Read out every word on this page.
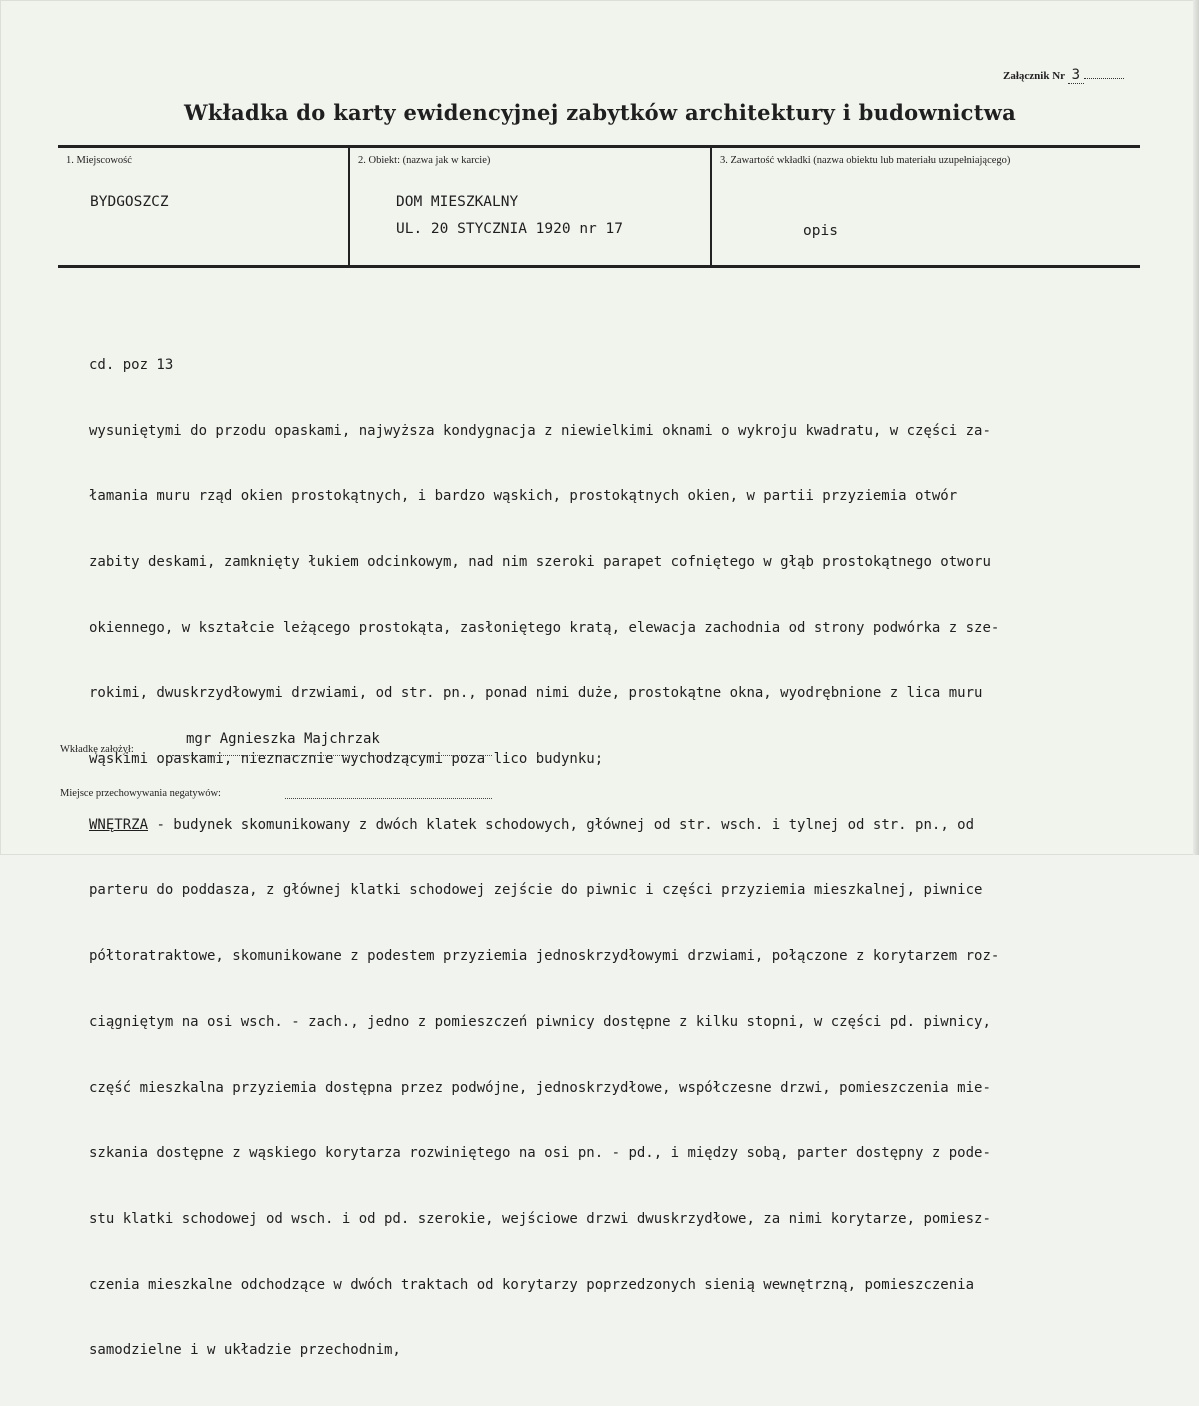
Załącznik Nr 3
Wkładka do karty ewidencyjnej zabytków architektury i budownictwa
1. Miejscowość
BYDGOSZCZ
2. Obiekt: (nazwa jak w karcie)
DOM MIESZKALNY
UL. 20 STYCZNIA 1920 nr 17
3. Zawartość wkładki (nazwa obiektu lub materiału uzupełniającego)
opis

cd. poz 13

wysuniętymi do przodu opaskami, najwyższa kondygnacja z niewielkimi oknami o wykroju kwadratu, w części za-

łamania muru rząd okien prostokątnych, i bardzo wąskich, prostokątnych okien, w partii przyziemia otwór

zabity deskami, zamknięty łukiem odcinkowym, nad nim szeroki parapet cofniętego w głąb prostokątnego otworu

okiennego, w kształcie leżącego prostokąta, zasłoniętego kratą, elewacja zachodnia od strony podwórka z sze-

rokimi, dwuskrzydłowymi drzwiami, od str. pn., ponad nimi duże, prostokątne okna, wyodrębnione z lica muru

wąskimi opaskami, nieznacznie wychodzącymi poza lico budynku;

WNĘTRZA - budynek skomunikowany z dwóch klatek schodowych, głównej od str. wsch. i tylnej od str. pn., od

parteru do poddasza, z głównej klatki schodowej zejście do piwnic i części przyziemia mieszkalnej, piwnice

półtoratraktowe, skomunikowane z podestem przyziemia jednoskrzydłowymi drzwiami, połączone z korytarzem roz-

ciągniętym na osi wsch. - zach., jedno z pomieszczeń piwnicy dostępne z kilku stopni, w części pd. piwnicy,

część mieszkalna przyziemia dostępna przez podwójne, jednoskrzydłowe, współczesne drzwi, pomieszczenia mie-

szkania dostępne z wąskiego korytarza rozwiniętego na osi pn. - pd., i między sobą, parter dostępny z pode-

stu klatki schodowej od wsch. i od pd. szerokie, wejściowe drzwi dwuskrzydłowe, za nimi korytarze, pomiesz-

czenia mieszkalne odchodzące w dwóch traktach od korytarzy poprzedzonych sienią wewnętrzną, pomieszczenia

samodzielne i w układzie przechodnim,

Wkładkę założył:
mgr Agnieszka Majchrzak
Miejsce przechowywania negatywów:
